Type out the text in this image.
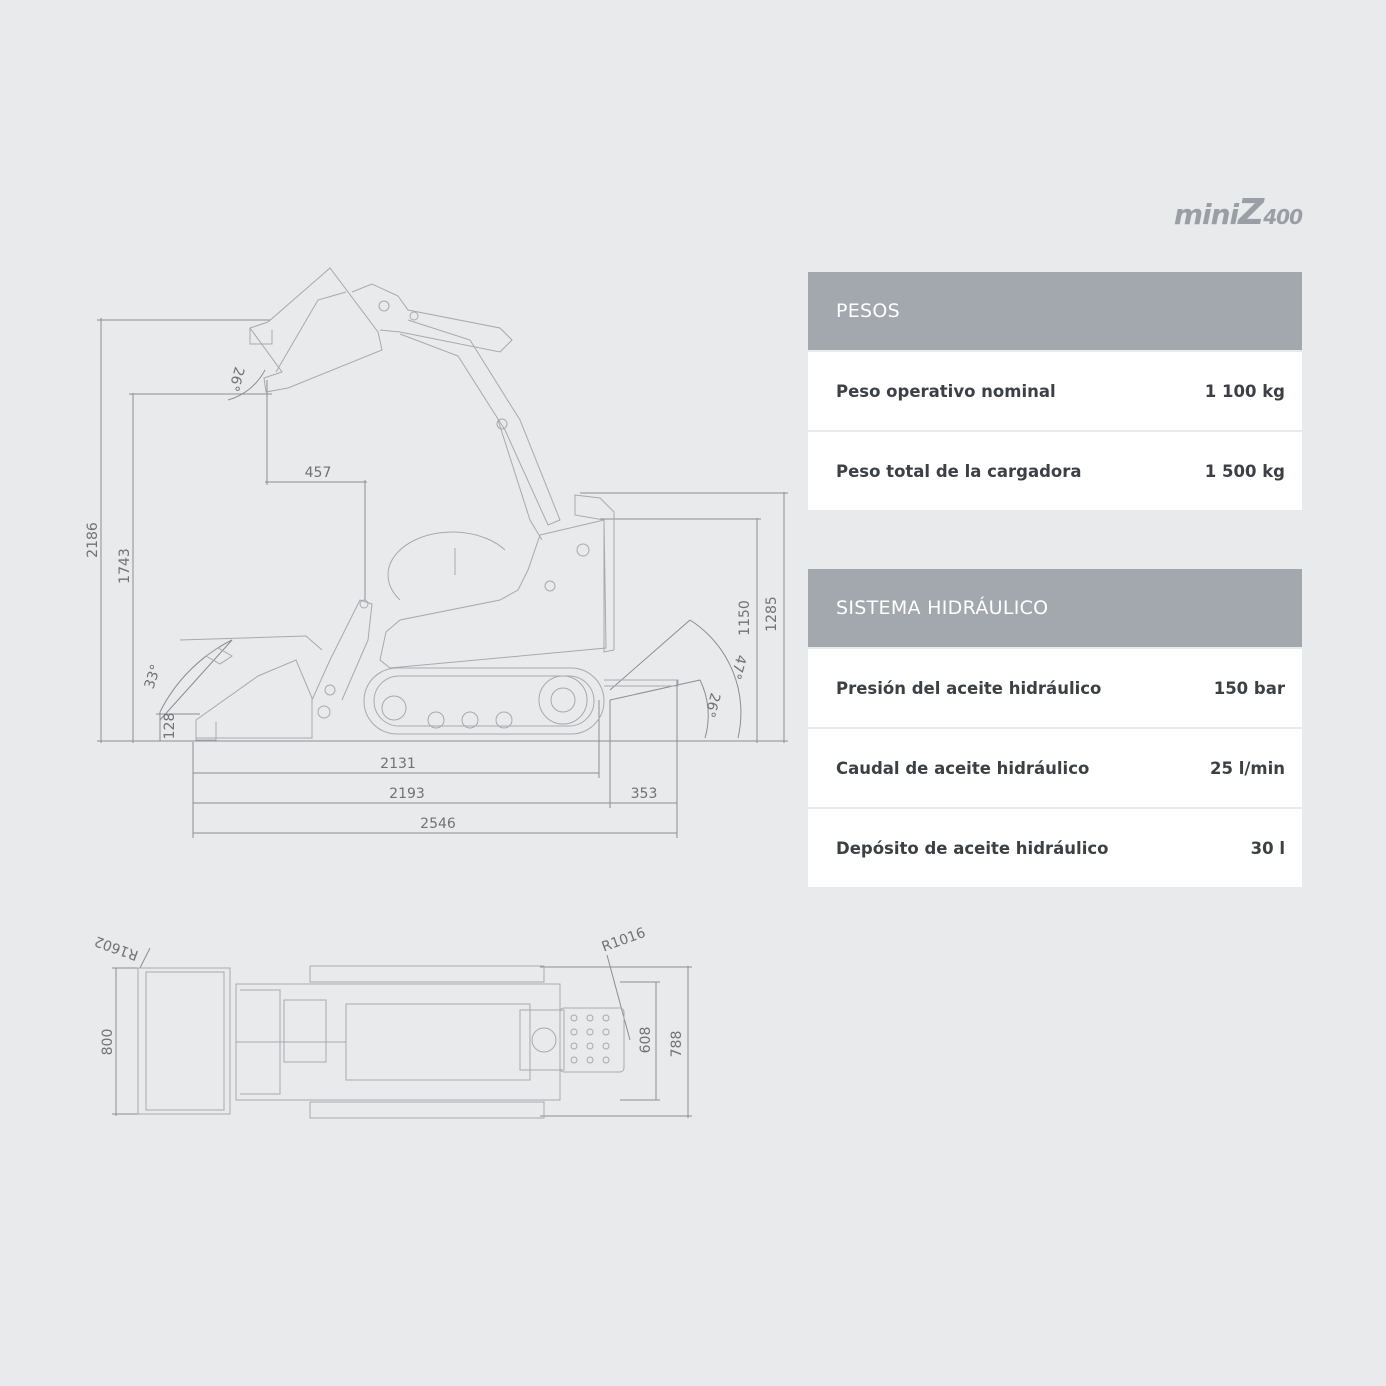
2186
1743
457
128
33°
26°
1150 1285
47°
26°
2131
2193	353
2546
R1602	R1016
800	608 788
miniZ400
PESOS
Peso operativo nominal	1 100 kg
Peso total de la cargadora	1 500 kg
SISTEMA HIDRÁULICO
Presión del aceite hidráulico	150 bar
Caudal de aceite hidráulico	25 l/min
Depósito de aceite hidráulico	30 l
